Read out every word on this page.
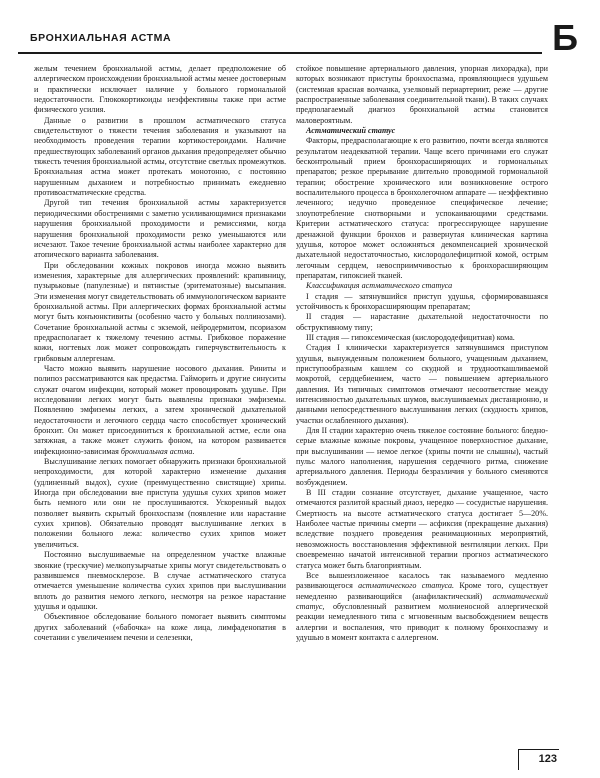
БРОНХИАЛЬНАЯ АСТМА	Б

желым течением бронхиальной астмы, делает предположение об аллергическом происхождении бронхиальной астмы менее достоверным и практически исключает наличие у больного гормональной недостаточности. Глюкокортикоиды неэффективны также при астме физического усилия.

Данные о развитии в прошлом астматического статуса свидетельствуют о тяжести течения заболевания и указывают на необходимость проведения терапии кортикостероидами. Наличие предшествующих заболеваний органов дыхания предопределяет обычно тяжесть течения бронхиальной астмы, отсутствие светлых промежутков. Бронхиальная астма может протекать монотонно, с постоянно нарушенным дыханием и потребностью принимать ежедневно противоастматические средства.

Другой тип течения бронхиальной астмы характеризуется периодическими обострениями с заметно усиливающимися признаками нарушения бронхиальной проходимости и ремиссиями, когда нарушения бронхиальной проходимости резко уменьшаются или исчезают. Такое течение бронхиальной астмы наиболее характерно для атопического варианта заболевания.

При обследовании кожных покровов иногда можно выявить изменения, характерные для аллергических проявлений: крапивницу, пузырьковые (папулезные) и пятнистые (эритематозные) высыпания. Эти изменения могут свидетельствовать об иммунологическом варианте бронхиальной астмы. При аллергических формах бронхиальной астмы могут быть конъюнктивиты (особенно часто у больных поллинозами). Сочетание бронхиальной астмы с экземой, нейродермитом, псориазом предрасполагает к тяжелому течению астмы. Грибковое поражение кожи, ногтевых лож может сопровождать гиперчувствительность к грибковым аллергенам.

Часто можно выявить нарушение носового дыхания. Риниты и полипоз рассматриваются как предастма. Гайморить и другие синуситы служат очагом инфекции, который может провоцировать удушье. При исследовании легких могут быть выявлены признаки эмфиземы. Появлению эмфиземы легких, а затем хронической дыхательной недостаточности и легочного сердца часто способствует хронический бронхит. Он может присоединиться к бронхиальной астме, если она затяжная, а также может служить фоном, на котором развивается инфекционно-зависимая бронхиальная астма.

Выслушивание легких помогает обнаружить признаки бронхиальной непроходимости, для которой характерно изменение дыхания (удлиненный выдох), сухие (преимущественно свистящие) хрипы. Иногда при обследовании вне приступа удушья сухих хрипов может быть немного или они не прослушиваются. Ускоренный выдох позволяет выявить скрытый бронхоспазм (появление или нарастание сухих хрипов). Обязательно проводят выслушивание легких в положении больного лежа: количество сухих хрипов может увеличиться.

Постоянно выслушиваемые на определенном участке влажные звонкие (трескучие) мелкопузырчатые хрипы могут свидетельствовать о развившемся пневмосклерозе. В случае астматического статуса отмечается уменьшение количества сухих хрипов при выслушивании вплоть до развития немого легкого, несмотря на резкое нарастание удушья и одышки.

Объективное обследование больного помогает выявить симптомы других заболеваний («бабочка» на коже лица, лимфаденопатия в сочетании с увеличением печени и селезенки,

стойкое повышение артериального давления, упорная лихорадка), при которых возникают приступы бронхоспазма, проявляющиеся удушьем (системная красная волчанка, узелковый периартериит, реже — другие распространенные заболевания соединительной ткани). В таких случаях предполагаемый диагноз бронхиальной астмы становится маловероятным.

Астматический статус

Факторы, предрасполагающие к его развитию, почти всегда являются результатом неадекватной терапии. Чаще всего причинами его служат бесконтрольный прием бронхорасширяющих и гормональных препаратов; резкое прерывание длительно проводимой гормональной терапии; обострение хронического или возникновение острого воспалительного процесса в бронхолегочном аппарате — неэффективно леченного; недучно проведенное специфическое лечение; злоупотребление снотворными и успокаивающими средствами. Критерии астматического статуса: прогрессирующее нарушение дренажной функции бронхов и развернутая клиническая картина удушья, которое может осложняться декомпенсацией хронической дыхательной недостаточностью, кислородолефицитной комой, острым легочным сердцем, невосприимчивостью к бронхорасширяющим препаратам, гипоксией тканей.

Классификация астматического статуса

I стадия — затянувшийся приступ удушья, сформировавшаяся устойчивость к бронхорасширяющим препаратам;

II стадия — нарастание дыхательной недостаточности по обструктивному типу;

III стадия — гипоксемическая (кислорододефицитная) кома.

Стадия I клинически характеризуется затянувшимся приступом удушья, вынужденным положением больного, учащенным дыханием, приступообразным кашлем со скудной и труднооткашливаемой мокротой, сердцебиением, часто — повышением артериального давления. Из типичных симптомов отмечают несоответствие между интенсивностью дыхательных шумов, выслушиваемых дистанционно, и данными непосредственного выслушивания легких (скудность хрипов, участки ослабленного дыхания).

Для II стадии характерно очень тяжелое состояние больного: бледно-серые влажные кожные покровы, учащенное поверхностное дыхание, при выслушивании — немое легкое (хрипы почти не слышны), частый пульс малого наполнения, нарушения сердечного ритма, снижение артериального давления. Периоды безразличия у больного сменяются возбуждением.

В III стадии сознание отсутствует, дыхание учащенное, часто отмечаются разлитой красный диаоз, нередко — сосудистые нарушения. Смертность на высоте астматического статуса достигает 5—20%. Наиболее частые причины смерти — асфиксия (прекращение дыхания) вследствие позднего проведения реанимационных мероприятий, невозможность восстановления эффективной вентиляции легких. При своевременно начатой интенсивной терапии прогноз астматического статуса может быть благоприятным.

Все вышеизложенное касалось так называемого медленно развивающегося астматического статуса. Кроме того, существует немедленно развивающийся (анафилактический) астматический статус, обусловленный развитием молниеносной аллергической реакции немедленного типа с мгновенным высвобождением веществ аллергии и воспаления, что приводит к полному бронхоспазму и удушью в момент контакта с аллергеном.

123
